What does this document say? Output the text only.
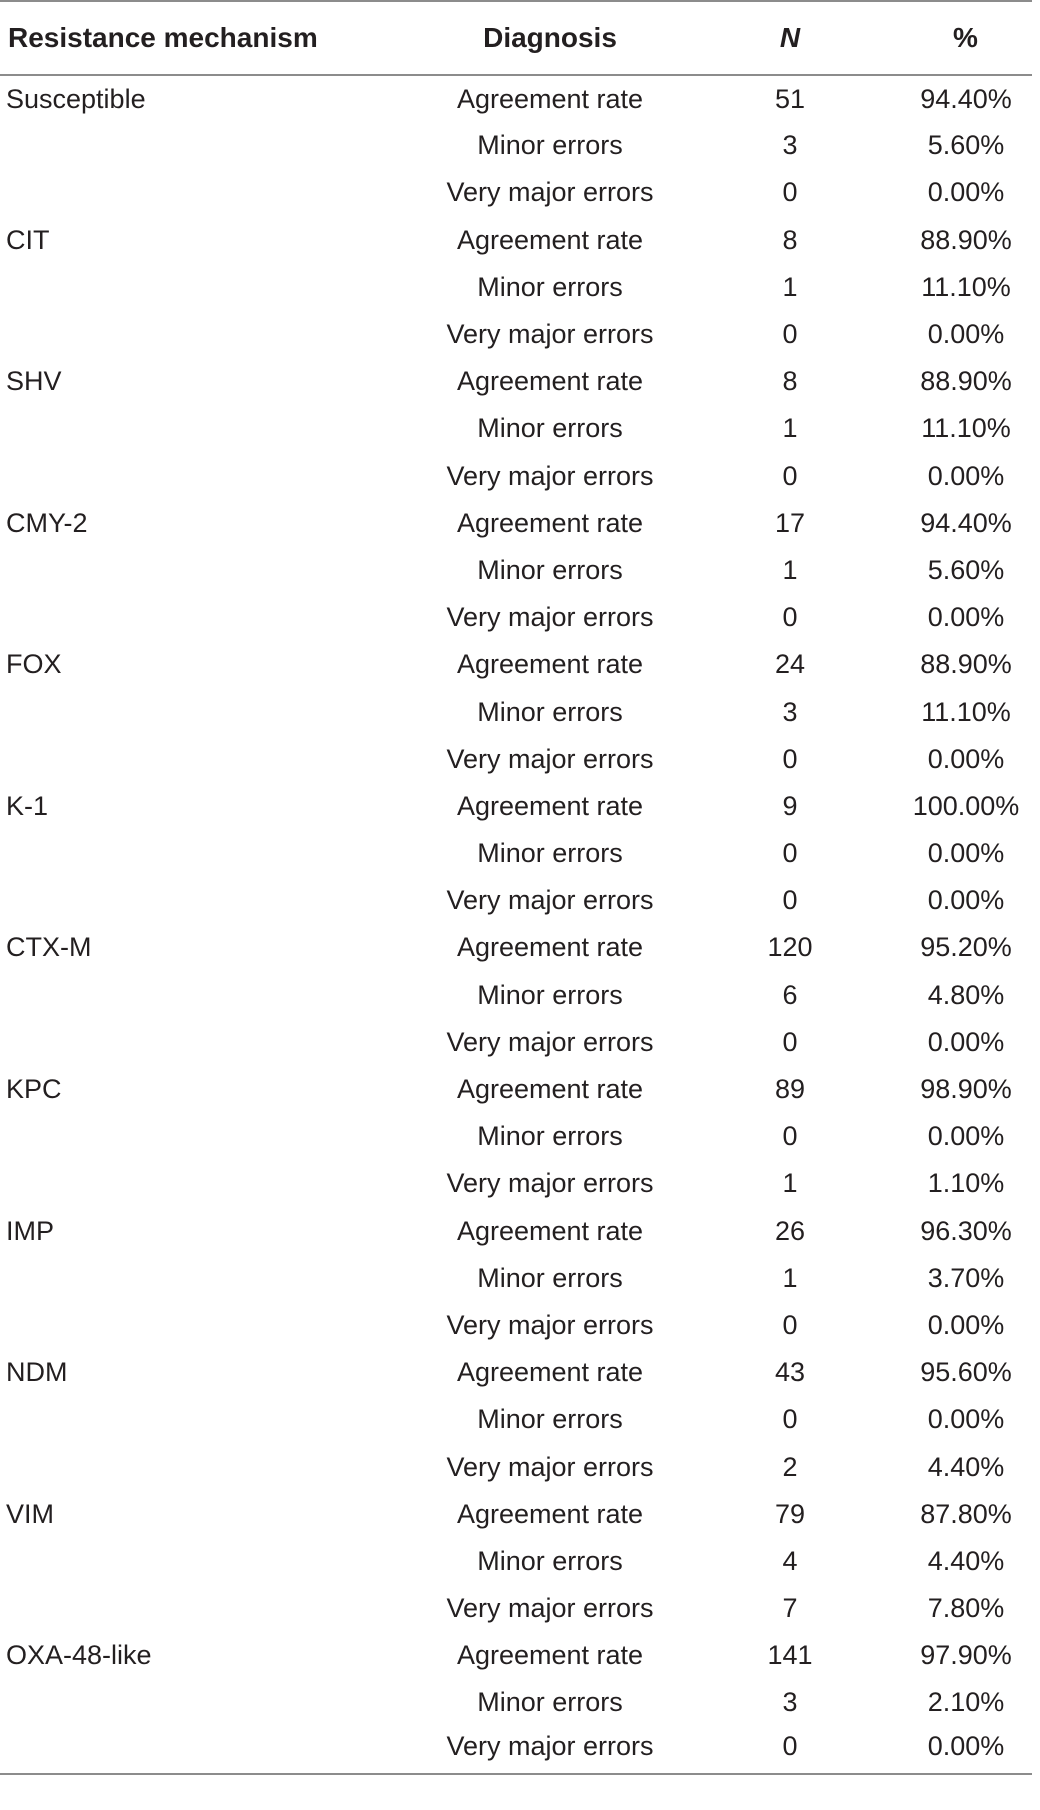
Resistance mechanism	Diagnosis	N	%
Susceptible	Agreement rate	51	94.40%
	Minor errors	3	5.60%
	Very major errors	0	0.00%
CIT	Agreement rate	8	88.90%
	Minor errors	1	11.10%
	Very major errors	0	0.00%
SHV	Agreement rate	8	88.90%
	Minor errors	1	11.10%
	Very major errors	0	0.00%
CMY-2	Agreement rate	17	94.40%
	Minor errors	1	5.60%
	Very major errors	0	0.00%
FOX	Agreement rate	24	88.90%
	Minor errors	3	11.10%
	Very major errors	0	0.00%
K-1	Agreement rate	9	100.00%
	Minor errors	0	0.00%
	Very major errors	0	0.00%
CTX-M	Agreement rate	120	95.20%
	Minor errors	6	4.80%
	Very major errors	0	0.00%
KPC	Agreement rate	89	98.90%
	Minor errors	0	0.00%
	Very major errors	1	1.10%
IMP	Agreement rate	26	96.30%
	Minor errors	1	3.70%
	Very major errors	0	0.00%
NDM	Agreement rate	43	95.60%
	Minor errors	0	0.00%
	Very major errors	2	4.40%
VIM	Agreement rate	79	87.80%
	Minor errors	4	4.40%
	Very major errors	7	7.80%
OXA-48-like	Agreement rate	141	97.90%
	Minor errors	3	2.10%
	Very major errors	0	0.00%
